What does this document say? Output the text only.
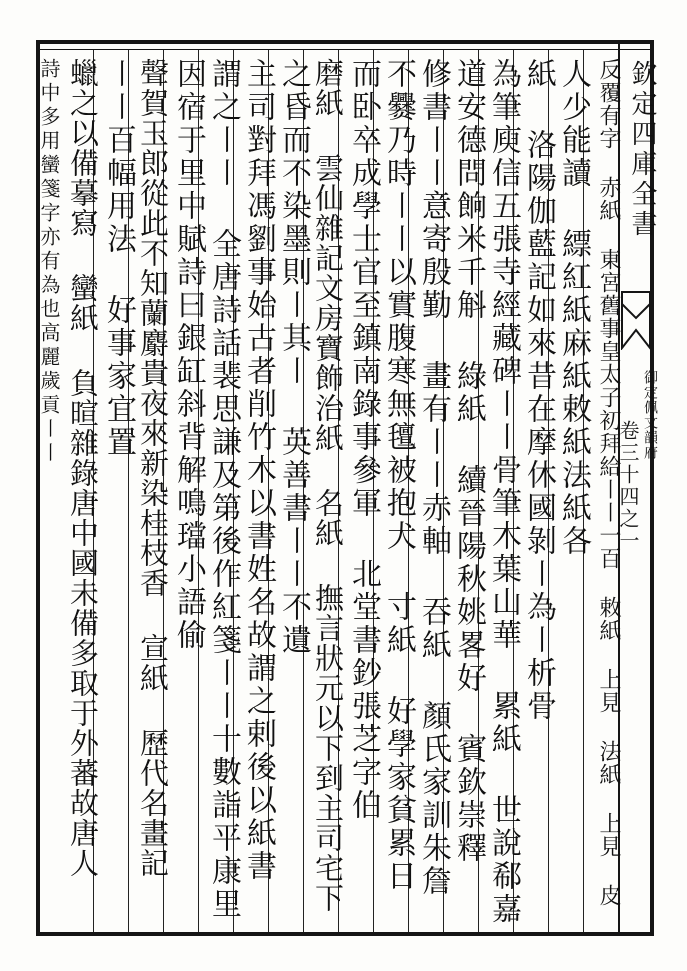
欽定四庫全書
御定佩文韻府
卷三十四之一
反覆有字 赤紙 東宮舊事皇太子初拜給〡〡一百 敕紙 上見 法紙 上見 皮
人少能讀 縹紅紙麻紙敕紙法紙各
紙 洛陽伽藍記如來昔在摩休國剝〡為〡析骨
為筆庾信五張寺經藏碑〡〡骨筆木葉山華 累紙 世說郗嘉
道安德問餉米千斛 綠紙 續晉陽秋姚畧好 賓欽崇釋
修書〡〡意寄殷勤 畫有〡〡赤軸 吞紙 顏氏家訓朱詹
不爨乃時〡〡以實腹寒無氊被抱犬 寸紙 好學家貧累日
而卧卒成學士官至鎮南錄事參軍 北堂書鈔張芝字伯
磨紙 雲仙雜記文房寶飾治紙 名紙 撫言狀元以下到主司宅下
之昏而不染墨則〡其〡 英善書〡〡不遺
主司對拜馮劉事始古者削竹木以書姓名故謂之剌後以紙書
謂之〡〡 全唐詩話裴思謙及第後作紅箋〡〡十數詣平康里
因宿于里中賦詩曰銀缸斜背解鳴璫小語偷
聲賀玉郎從此不知蘭麝貴夜來新染桂枝香 宣紙 歷代名畫記
〡〡百幅用法 好事家宜置
蠟之以備摹寫 蠻紙 負暄雜錄唐中國未備多取于外蕃故唐人
詩中多用蠻箋字亦有為也高麗歲貢〡〡
